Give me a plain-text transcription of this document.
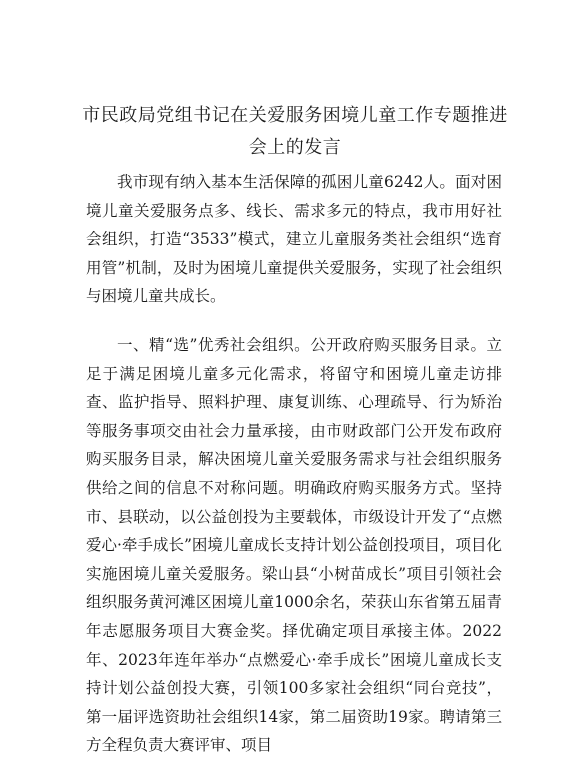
市民政局党组书记在关爱服务困境儿童工作专题推进会上的发言

我市现有纳入基本生活保障的孤困儿童6242人。面对困境儿童关爱服务点多、线长、需求多元的特点，我市用好社会组织，打造“3533”模式，建立儿童服务类社会组织“选育用管”机制，及时为困境儿童提供关爱服务，实现了社会组织与困境儿童共成长。

一、精“选”优秀社会组织。公开政府购买服务目录。立足于满足困境儿童多元化需求，将留守和困境儿童走访排查、监护指导、照料护理、康复训练、心理疏导、行为矫治等服务事项交由社会力量承接，由市财政部门公开发布政府购买服务目录，解决困境儿童关爱服务需求与社会组织服务供给之间的信息不对称问题。明确政府购买服务方式。坚持市、县联动，以公益创投为主要载体，市级设计开发了“点燃爱心·牵手成长”困境儿童成长支持计划公益创投项目，项目化实施困境儿童关爱服务。梁山县“小树苗成长”项目引领社会组织服务黄河滩区困境儿童1000余名，荣获山东省第五届青年志愿服务项目大赛金奖。择优确定项目承接主体。2022年、2023年连年举办“点燃爱心·牵手成长”困境儿童成长支持计划公益创投大赛，引领100多家社会组织“同台竞技”，第一届评选资助社会组织14家，第二届资助19家。聘请第三方全程负责大赛评审、项目
